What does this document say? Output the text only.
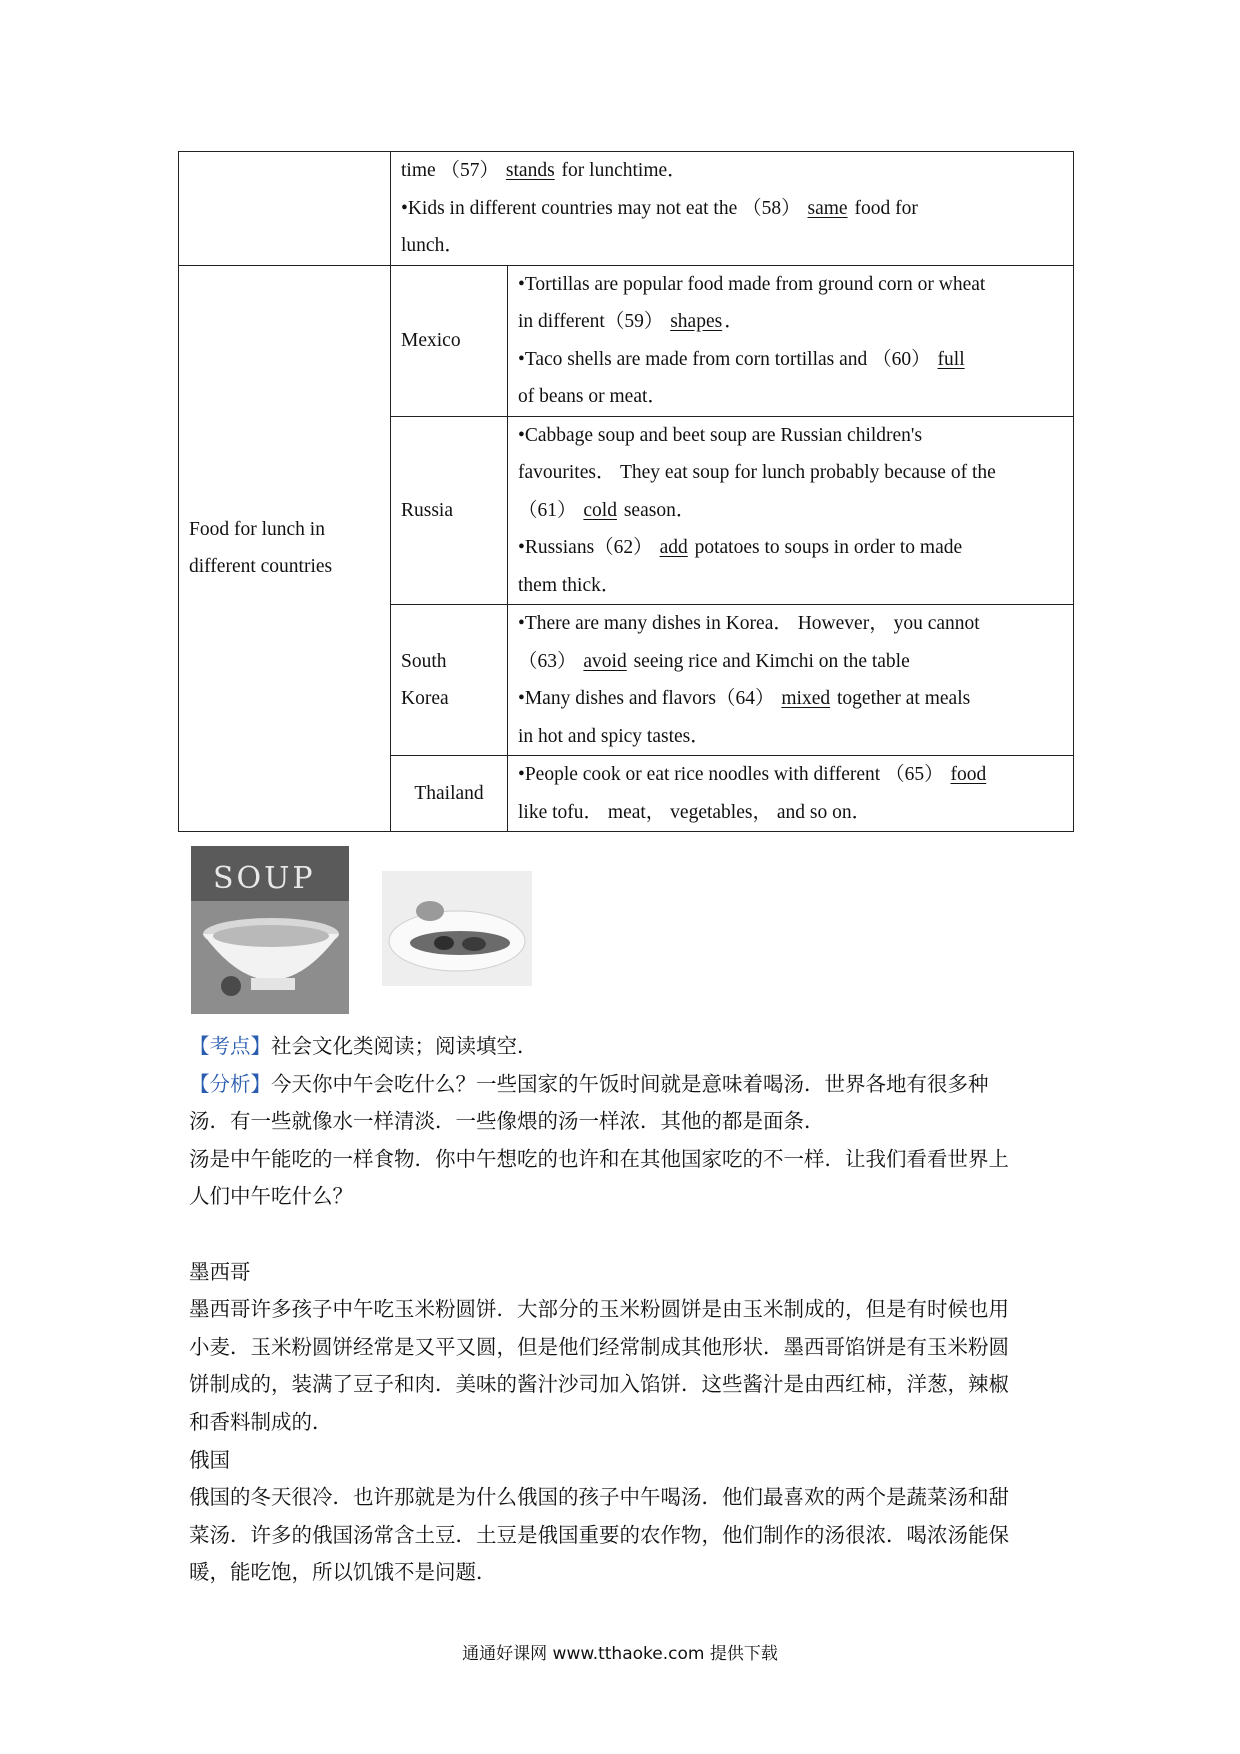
	time （57） stands for lunchtime．
•Kids in different countries may not eat the （58） same food for
lunch．	

Food for lunch in
different countries	Mexico	•Tortillas are popular food made from ground corn or wheat
in different（59） shapes ．
•Taco shells are made from corn tortillas and （60） full
of beans or meat．

	Russia	•Cabbage soup and beet soup are Russian children's
favourites． They eat soup for lunch probably because of the
（61） cold season．
•Russians（62） add potatoes to soups in order to made
them thick．

	South
Korea	•There are many dishes in Korea． However， you cannot
（63） avoid seeing rice and Kimchi on the table
•Many dishes and flavors（64） mixed together at meals
in hot and spicy tastes．

	Thailand	•People cook or eat rice noodles with different （65） food
like tofu． meat， vegetables， and so on．
SOUP

【考点】社会文化类阅读；阅读填空．

【分析】今天你中午会吃什么？一些国家的午饭时间就是意味着喝汤．世界各地有很多种

汤．有一些就像水一样清淡．一些像煨的汤一样浓．其他的都是面条．

汤是中午能吃的一样食物．你中午想吃的也许和在其他国家吃的不一样．让我们看看世界上

人们中午吃什么？

墨西哥

墨西哥许多孩子中午吃玉米粉圆饼．大部分的玉米粉圆饼是由玉米制成的，但是有时候也用

小麦．玉米粉圆饼经常是又平又圆，但是他们经常制成其他形状．墨西哥馅饼是有玉米粉圆

饼制成的，装满了豆子和肉．美味的酱汁沙司加入馅饼．这些酱汁是由西红柿，洋葱，辣椒

和香料制成的．

俄国

俄国的冬天很冷．也许那就是为什么俄国的孩子中午喝汤．他们最喜欢的两个是蔬菜汤和甜

菜汤．许多的俄国汤常含土豆．土豆是俄国重要的农作物，他们制作的汤很浓．喝浓汤能保

暖，能吃饱，所以饥饿不是问题．

通通好课网 www.tthaoke.com 提供下载
